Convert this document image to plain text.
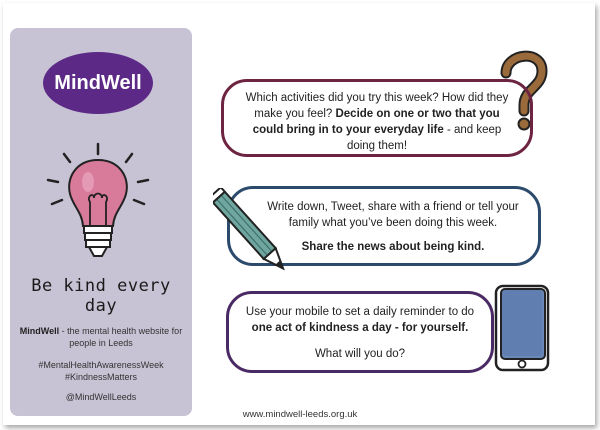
MindWell
Be kind every day
MindWell - the mental health website for people in Leeds
#MentalHealthAwarenessWeek
#KindnessMatters
@MindWellLeeds
Which activities did you try this week? How did they make you feel? Decide on one or two that you could bring in to your everyday life - and keep doing them!
Write down, Tweet, share with a friend or tell your family what you’ve been doing this week.
Share the news about being kind.
Use your mobile to set a daily reminder to do one act of kindness a day - for yourself.
What will you do?
www.mindwell-leeds.org.uk
